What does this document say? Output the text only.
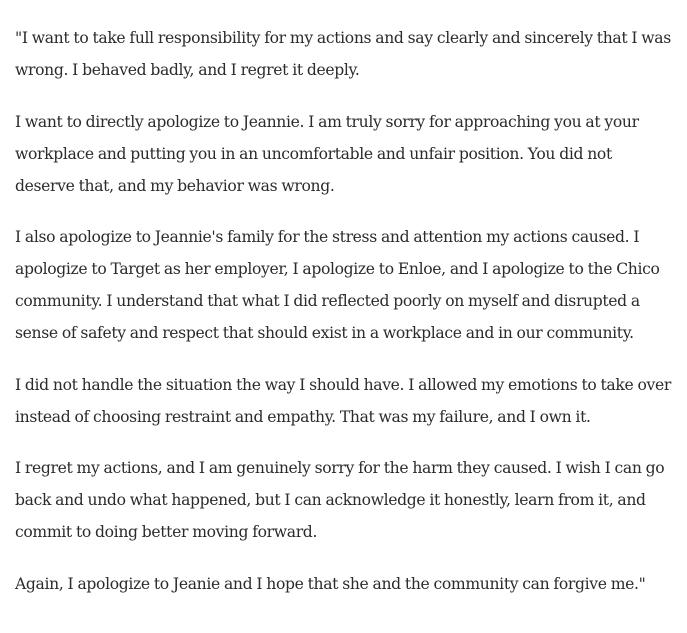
"I want to take full responsibility for my actions and say clearly and sincerely that I was wrong. I behaved badly, and I regret it deeply.

I want to directly apologize to Jeannie. I am truly sorry for approaching you at your workplace and putting you in an uncomfortable and unfair position. You did not deserve that, and my behavior was wrong.

I also apologize to Jeannie's family for the stress and attention my actions caused. I apologize to Target as her employer, I apologize to Enloe, and I apologize to the Chico community. I understand that what I did reflected poorly on myself and disrupted a sense of safety and respect that should exist in a workplace and in our community.

I did not handle the situation the way I should have. I allowed my emotions to take over instead of choosing restraint and empathy. That was my failure, and I own it.

I regret my actions, and I am genuinely sorry for the harm they caused. I wish I can go back and undo what happened, but I can acknowledge it honestly, learn from it, and commit to doing better moving forward.

Again, I apologize to Jeanie and I hope that she and the community can forgive me."
